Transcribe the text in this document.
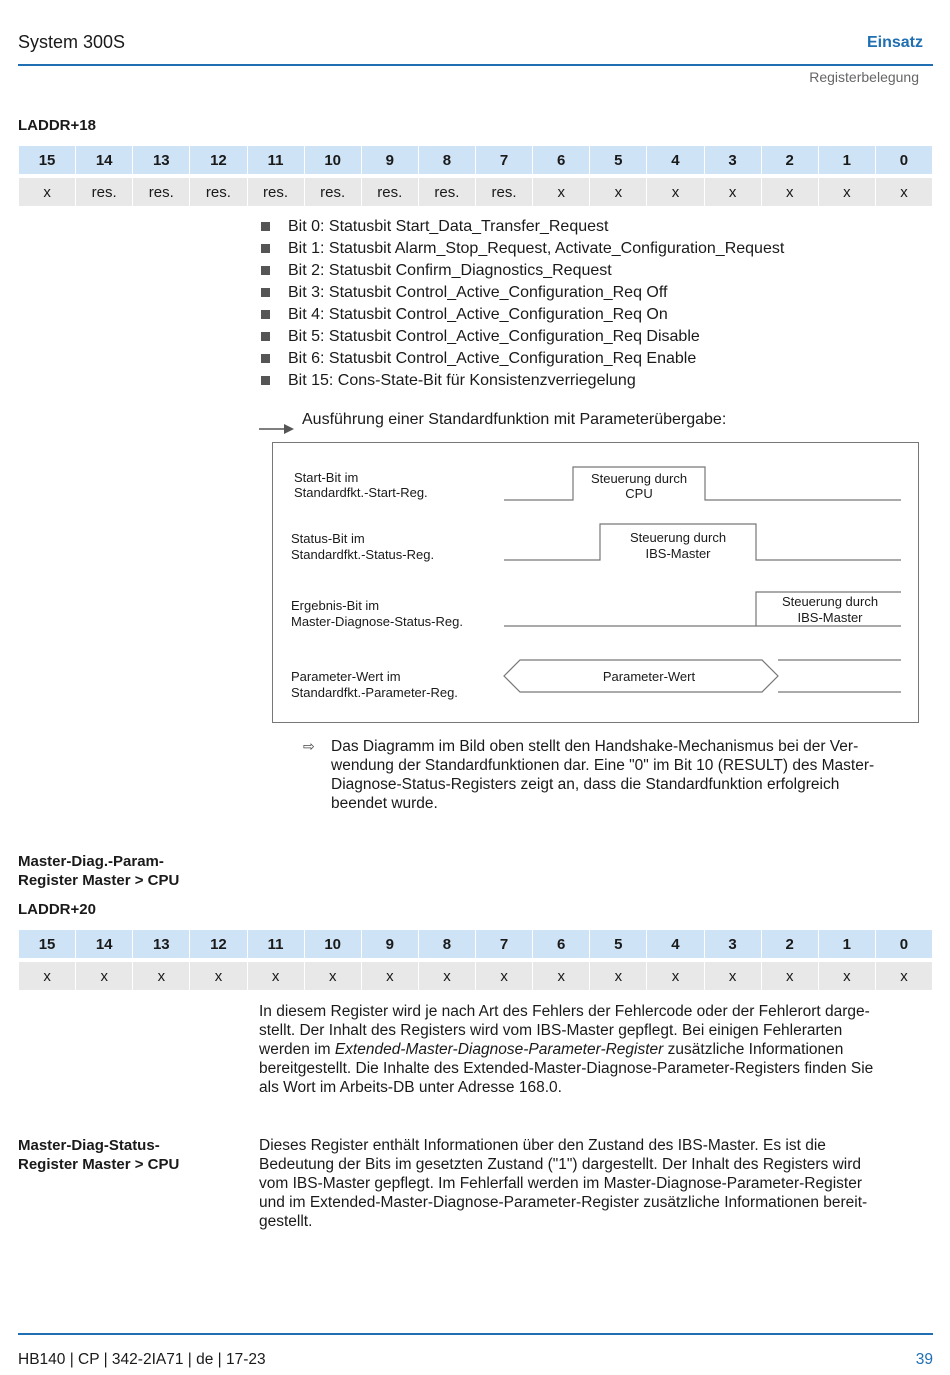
System 300S	Einsatz
Registerbelegung
LADDR+18
15	14	13	12	11	10	9	8	7	6	5	4	3	2	1	0
x	res.	res.	res.	res.	res.	res.	res.	res.	x	x	x	x	x	x	x
Bit 0: Statusbit Start_Data_Transfer_Request
Bit 1: Statusbit Alarm_Stop_Request, Activate_Configuration_Request
Bit 2: Statusbit Confirm_Diagnostics_Request
Bit 3: Statusbit Control_Active_Configuration_Req Off
Bit 4: Statusbit Control_Active_Configuration_Req On
Bit 5: Statusbit Control_Active_Configuration_Req Disable
Bit 6: Statusbit Control_Active_Configuration_Req Enable
Bit 15: Cons-State-Bit für Konsistenzverriegelung
Ausführung einer Standardfunktion mit Parameterübergabe:
Start-Bit im
Standardfkt.-Start-Reg.
Steuerung durch
CPU
Status-Bit im
Standardfkt.-Status-Reg.
Steuerung durch
IBS-Master
Ergebnis-Bit im
Master-Diagnose-Status-Reg.
Steuerung durch
IBS-Master
Parameter-Wert im
Standardfkt.-Parameter-Reg.
Parameter-Wert
⇨ Das Diagramm im Bild oben stellt den Handshake-Mechanismus bei der Ver-
wendung der Standardfunktionen dar. Eine "0" im Bit 10 (RESULT) des Master-
Diagnose-Status-Registers zeigt an, dass die Standardfunktion erfolgreich
beendet wurde.
Master-Diag.-Param-
Register Master > CPU
LADDR+20
15	14	13	12	11	10	9	8	7	6	5	4	3	2	1	0
x	x	x	x	x	x	x	x	x	x	x	x	x	x	x	x
In diesem Register wird je nach Art des Fehlers der Fehlercode oder der Fehlerort darge-
stellt. Der Inhalt des Registers wird vom IBS-Master gepflegt. Bei einigen Fehlerarten
werden im Extended-Master-Diagnose-Parameter-Register zusätzliche Informationen
bereitgestellt. Die Inhalte des Extended-Master-Diagnose-Parameter-Registers finden Sie
als Wort im Arbeits-DB unter Adresse 168.0.
Master-Diag-Status-
Register Master > CPU
Dieses Register enthält Informationen über den Zustand des IBS-Master. Es ist die
Bedeutung der Bits im gesetzten Zustand ("1") dargestellt. Der Inhalt des Registers wird
vom IBS-Master gepflegt. Im Fehlerfall werden im Master-Diagnose-Parameter-Register
und im Extended-Master-Diagnose-Parameter-Register zusätzliche Informationen bereit-
gestellt.
HB140 | CP | 342-2IA71 | de | 17-23	39
